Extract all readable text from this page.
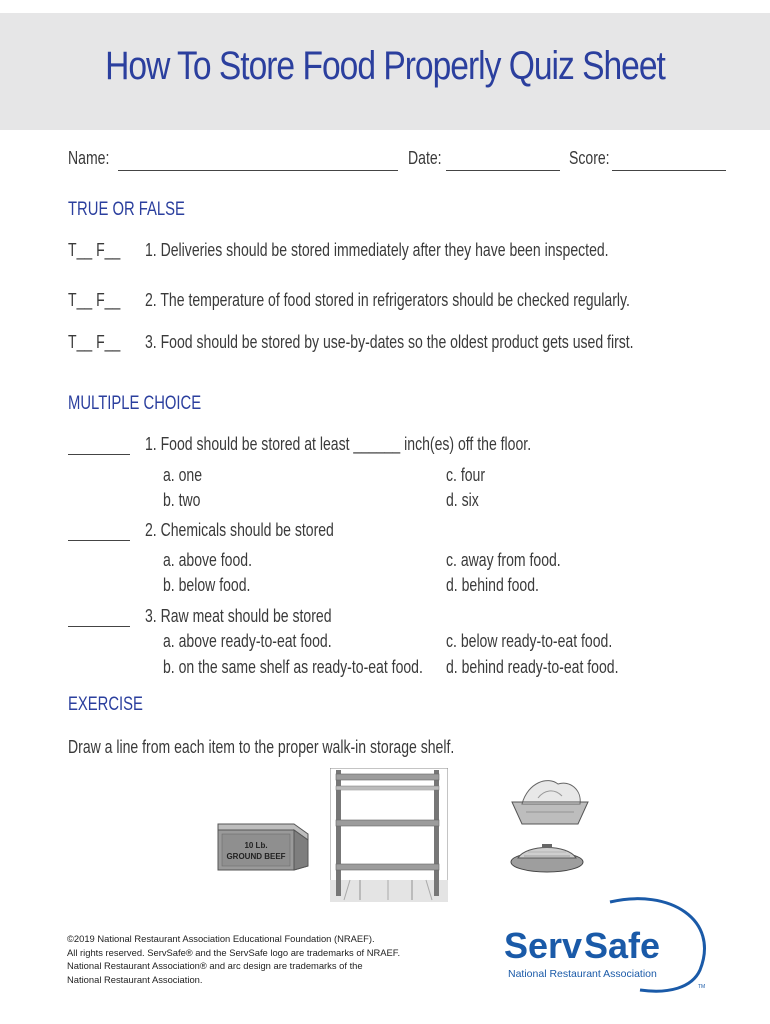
How To Store Food Properly Quiz Sheet
Name:	Date:	Score:
TRUE OR FALSE
T__ F__ 1. Deliveries should be stored immediately after they have been inspected.
T__ F__ 2. The temperature of food stored in refrigerators should be checked regularly.
T__ F__ 3. Food should be stored by use-by-dates so the oldest product gets used first.
MULTIPLE CHOICE
1. Food should be stored at least ______ inch(es) off the floor.
a. one
b. two
c. four
d. six
2. Chemicals should be stored
a. above food.
b. below food.
c. away from food.
d. behind food.
3. Raw meat should be stored
a. above ready-to-eat food.
b. on the same shelf as ready-to-eat food.
c. below ready-to-eat food.
d. behind ready-to-eat food.
EXERCISE
Draw a line from each item to the proper walk-in storage shelf.
10 Lb.
GROUND BEEF
©2019 National Restaurant Association Educational Foundation (NRAEF).
All rights reserved. ServSafe® and the ServSafe logo are trademarks of NRAEF.
National Restaurant Association® and arc design are trademarks of the
National Restaurant Association.
Serv Safe
National Restaurant Association
TM
